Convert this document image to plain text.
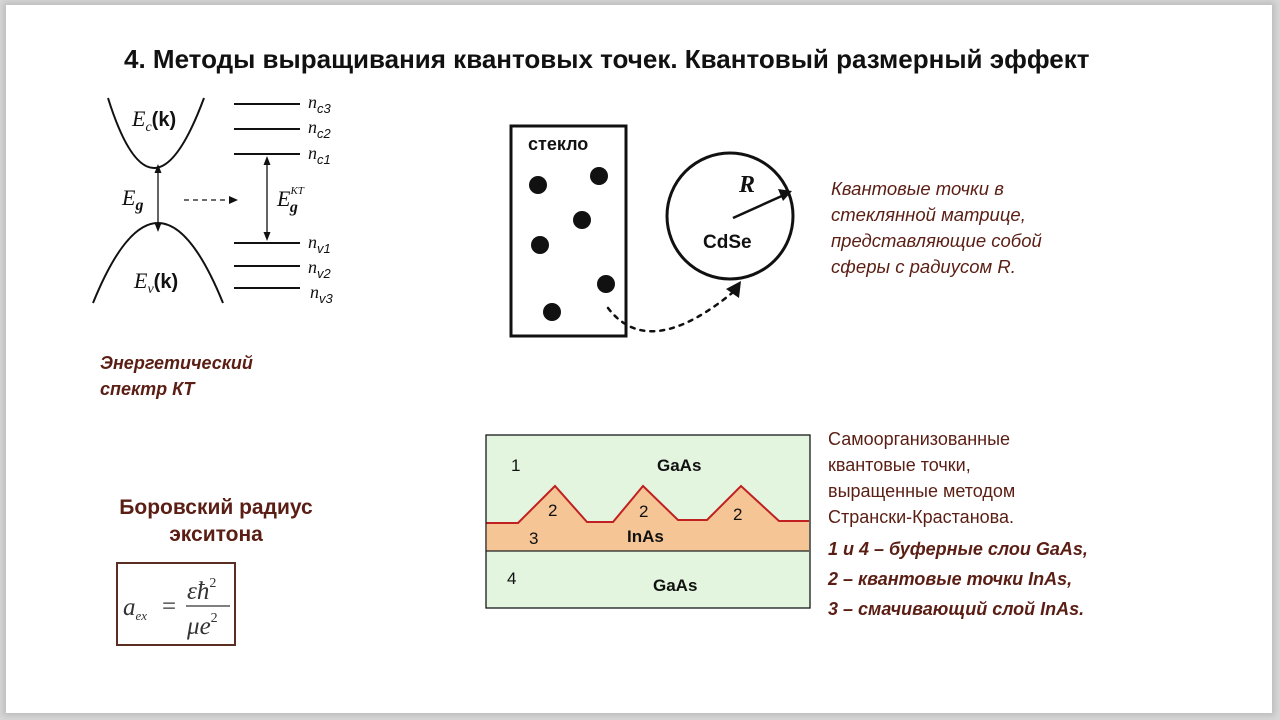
4. Методы выращивания квантовых точек. Квантовый размерный эффект
$E_c(k)$
$E_v(k)$
$E_g$	$E^{KT}$ g
$n_{c3}$
$n_{c2}$
$n_{c1}$
$n_{v1}$
$n_{v2}$
$n_{v3}$
Энергетический
спектр КТ
стекло
R
CdSe
Квантовые точки в
стеклянной матрице,
представляющие собой
сферы с радиусом R.
1	GaAs
2	2	2
3	InAs
4	GaAs
Самоорганизованные
квантовые точки,
выращенные методом
Странски-Крастанова.
1 и 4 – буферные слои GaAs,
2 – квантовые точки InAs,
3 – смачивающий слой InAs.
Боровский радиус
экситона
$a_{ex}$ =
$\varepsilon ħ^2$
$\mu e^2$
